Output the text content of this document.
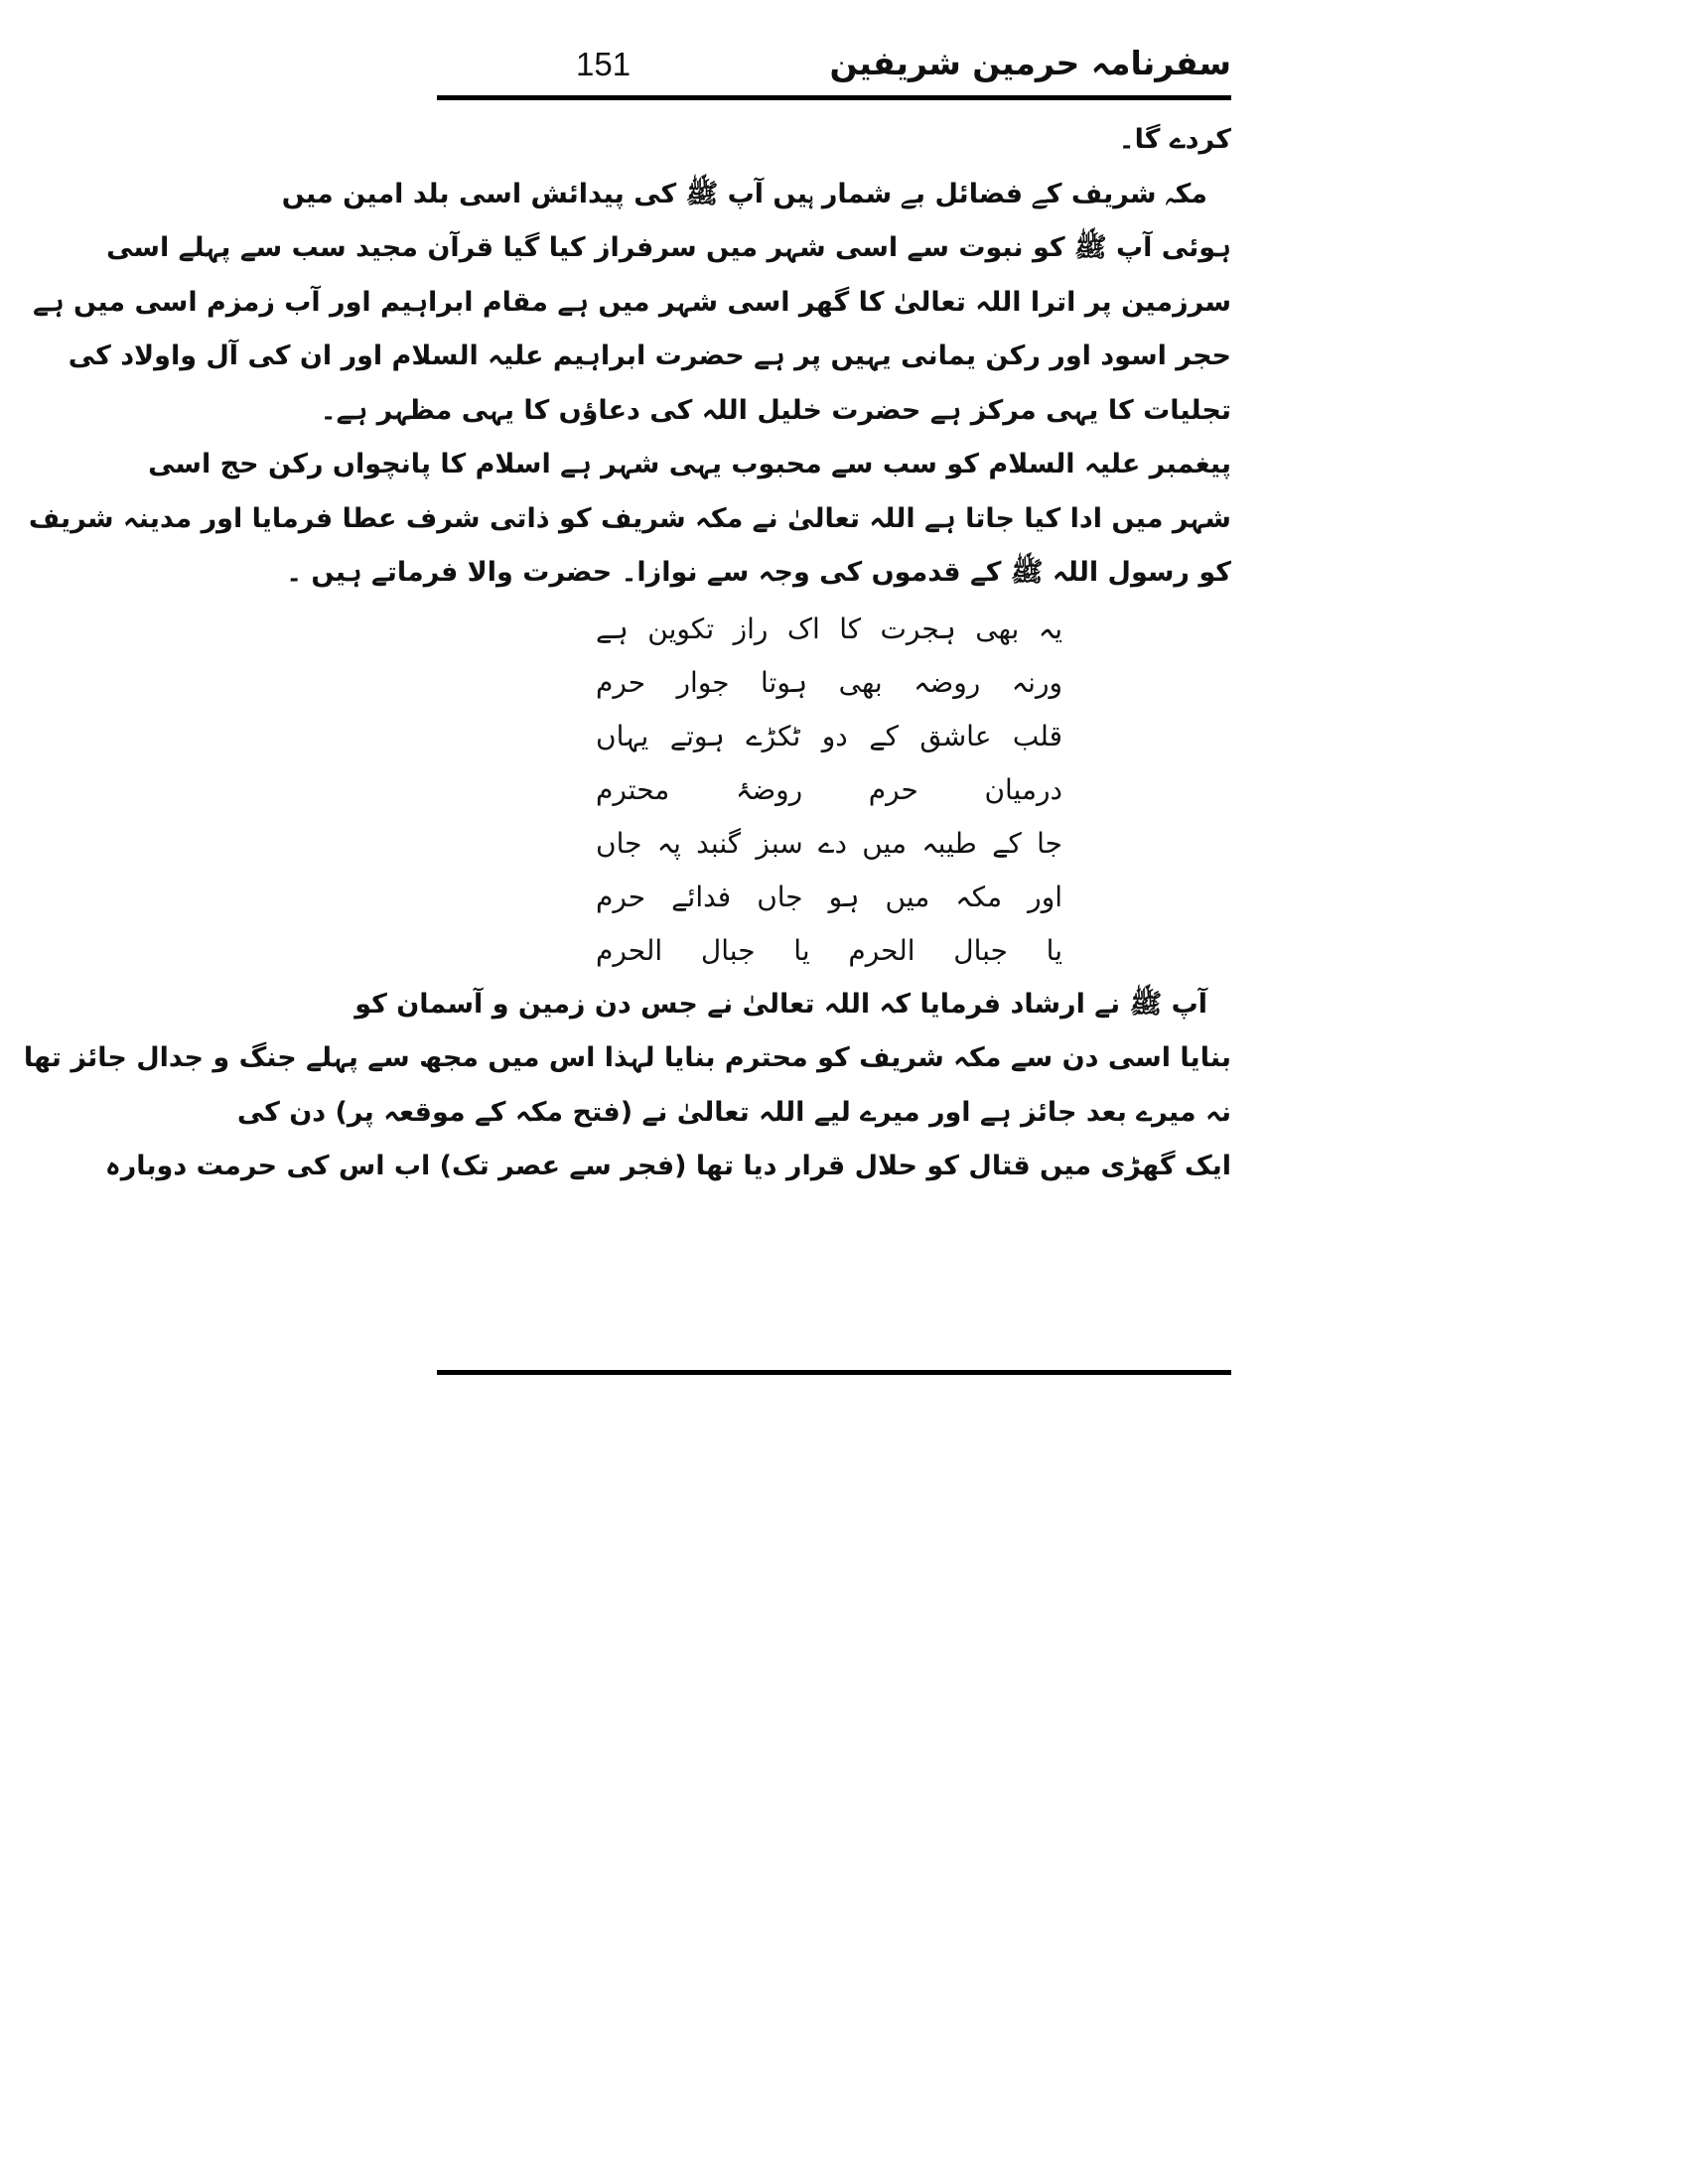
سفرنامہ حرمین شریفین
151
کردے گا۔
مکہ شریف کے فضائل بے شمار ہیں آپ ﷺ کی پیدائش اسی بلد امین میں
ہوئی آپ ﷺ کو نبوت سے اسی شہر میں سرفراز کیا گیا قرآن مجید سب سے پہلے اسی
سرزمین پر اترا اللہ تعالیٰ کا گھر اسی شہر میں ہے مقام ابراہیم اور آب زمزم اسی میں ہے
حجر اسود اور رکن یمانی یہیں پر ہے حضرت ابراہیم علیہ السلام اور ان کی آل واولاد کی
تجلیات کا یہی مرکز ہے حضرت خلیل اللہ کی دعاؤں کا یہی مظہر ہے۔
پیغمبر علیہ السلام کو سب سے محبوب یہی شہر ہے اسلام کا پانچواں رکن حج اسی
شہر میں ادا کیا جاتا ہے اللہ تعالیٰ نے مکہ شریف کو ذاتی شرف عطا فرمایا اور مدینہ شریف
کو رسول اللہ ﷺ کے قدموں کی وجہ سے نوازا۔ حضرت والا فرماتے ہیں ۔
یہ بھی ہجرت کا اک راز تکوین ہے
ورنہ روضہ بھی ہوتا جوار حرم
قلب عاشق کے دو ٹکڑے ہوتے یہاں
درمیان حرم روضۂ محترم
جا کے طیبہ میں دے سبز گنبد پہ جاں
اور مکہ میں ہو جاں فدائے حرم
یا جبال الحرم یا جبال الحرم
آپ ﷺ نے ارشاد فرمایا کہ اللہ تعالیٰ نے جس دن زمین و آسمان کو
بنایا اسی دن سے مکہ شریف کو محترم بنایا لہذا اس میں مجھ سے پہلے جنگ و جدال جائز تھا
نہ میرے بعد جائز ہے اور میرے لیے اللہ تعالیٰ نے (فتح مکہ کے موقعہ پر) دن کی
ایک گھڑی میں قتال کو حلال قرار دیا تھا (فجر سے عصر تک) اب اس کی حرمت دوبارہ
